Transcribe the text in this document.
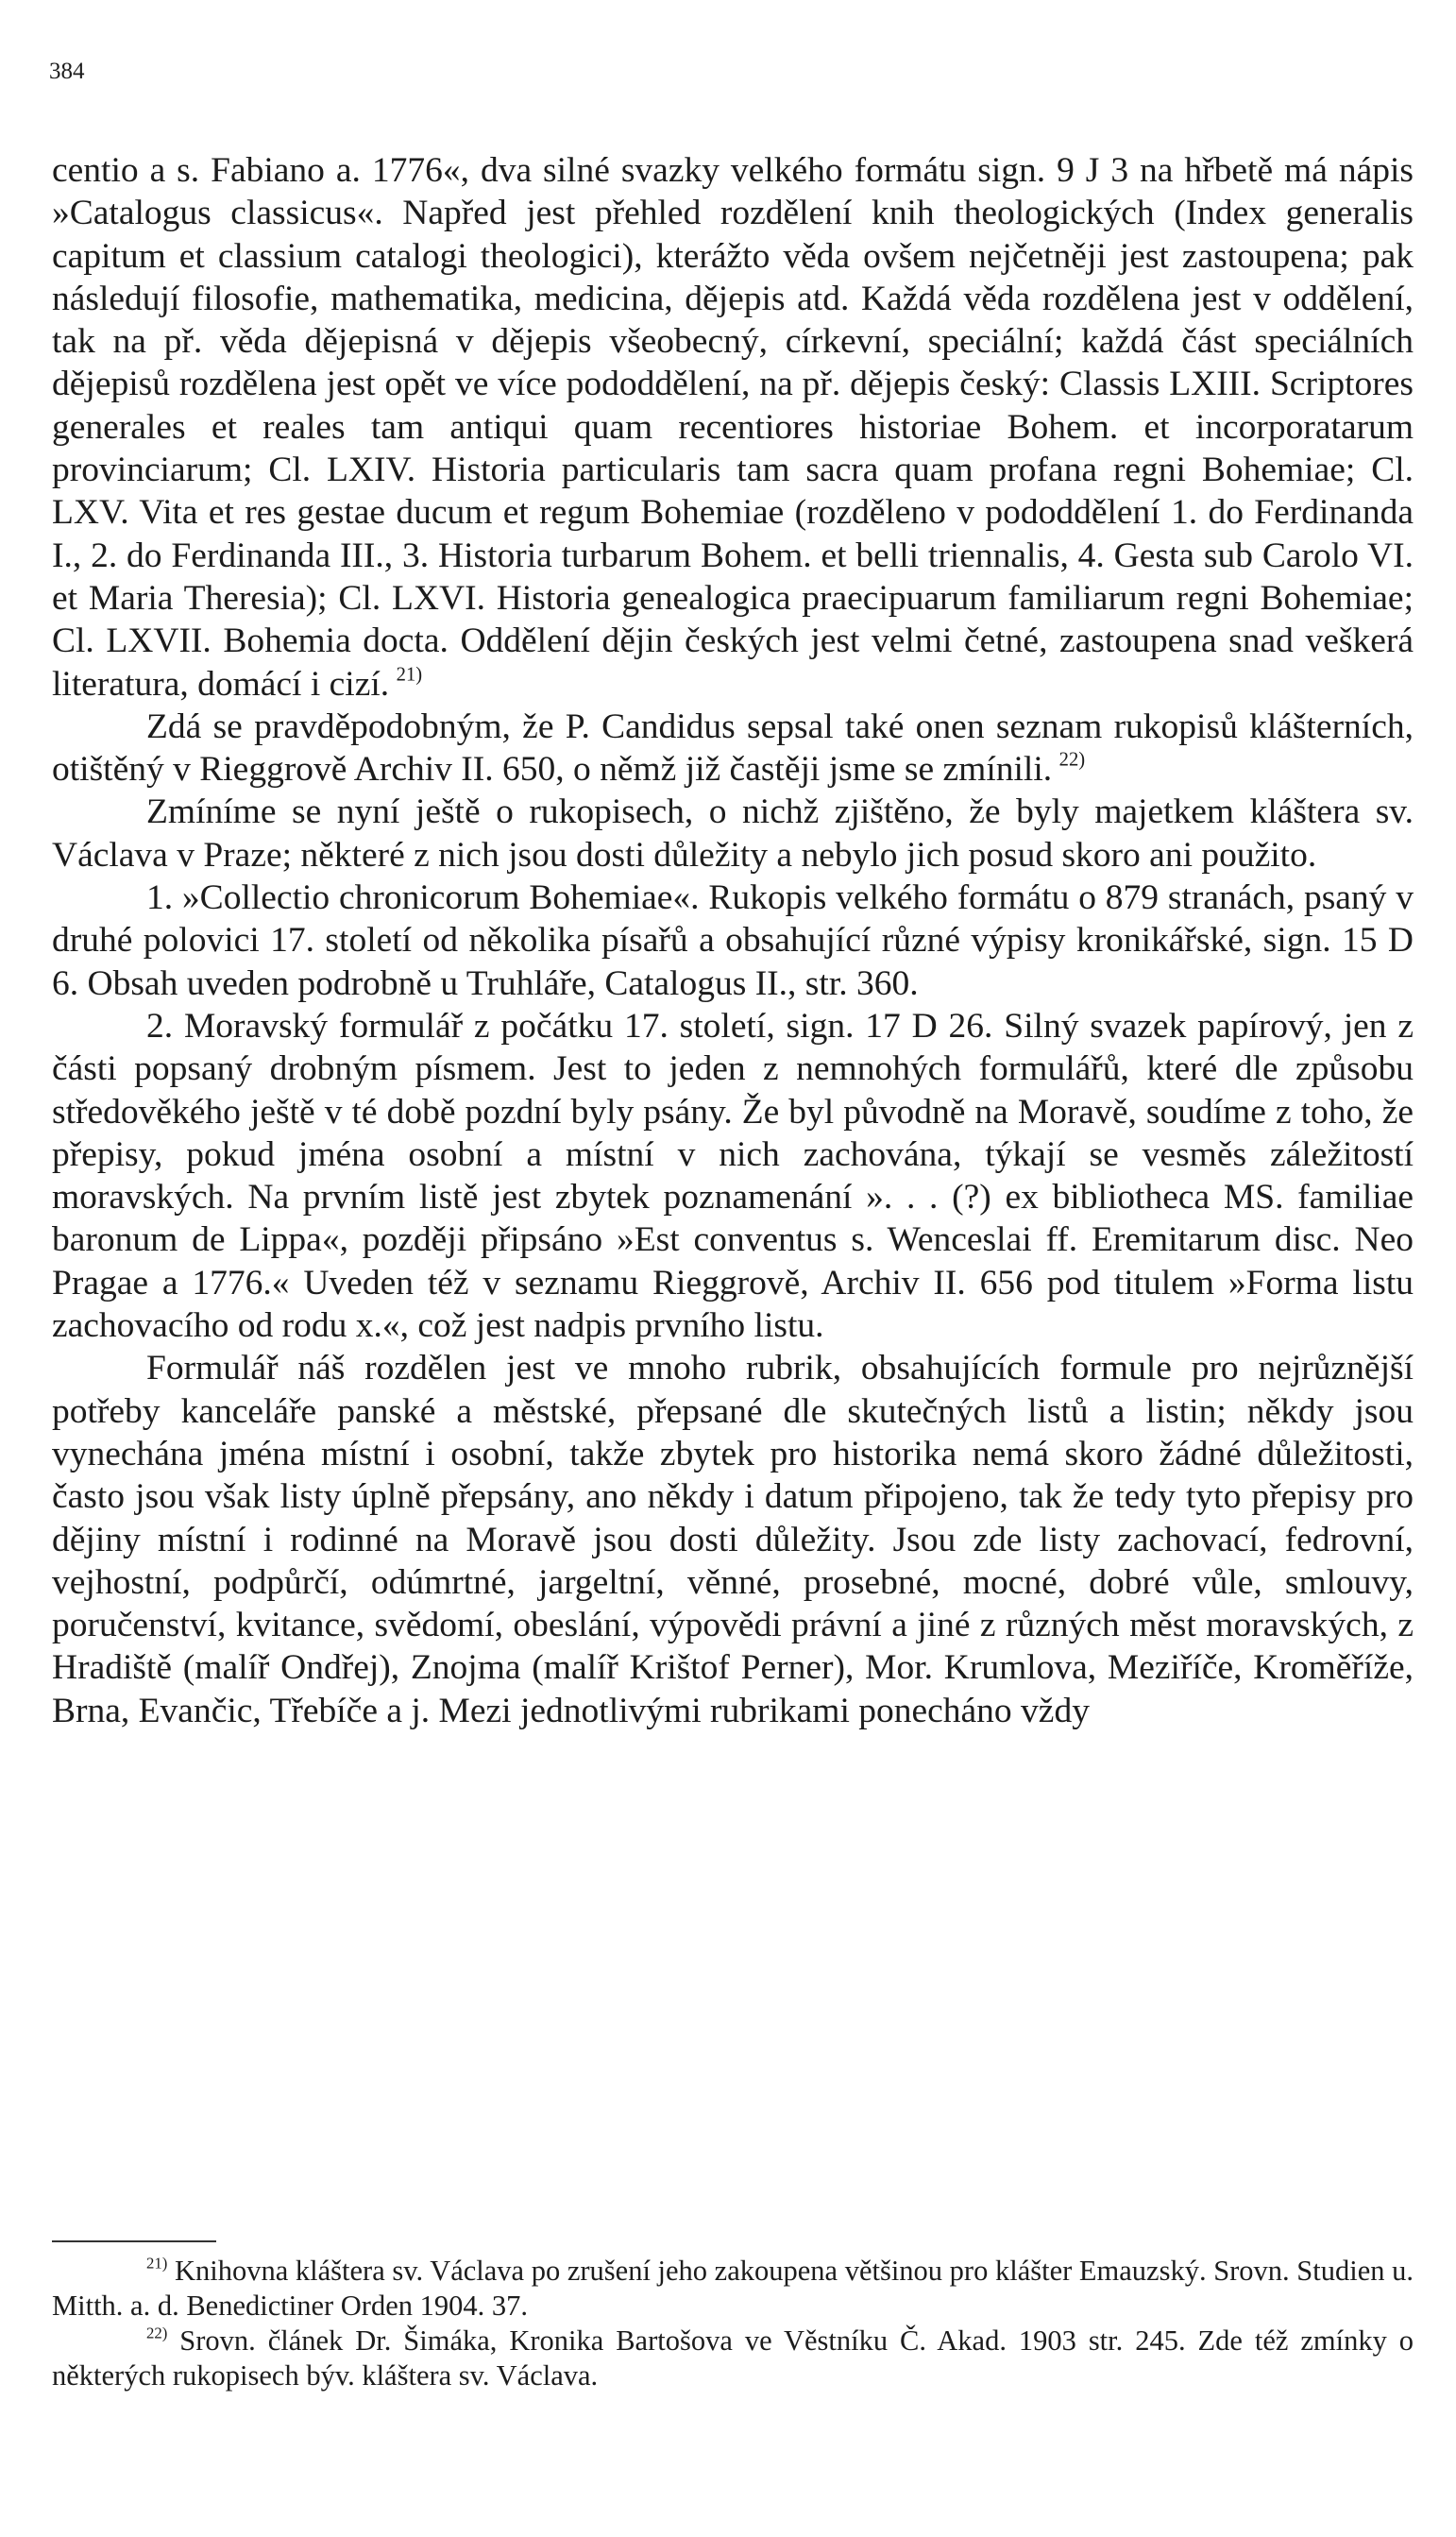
384

centio a s. Fabiano a. 1776«, dva silné svazky velkého formátu sign. 9 J 3 na hřbetě má nápis »Catalogus classicus«. Napřed jest přehled rozdělení knih theologických (Index generalis capitum et classium catalogi theologici), kterážto věda ovšem nejčetněji jest zastoupena; pak následují filosofie, mathematika, medicina, dějepis atd. Každá věda rozdělena jest v oddělení, tak na př. věda dějepisná v dějepis všeobecný, církevní, speciální; každá část speciálních dějepisů rozdělena jest opět ve více pododdělení, na př. dějepis český: Classis LXIII. Scriptores generales et reales tam antiqui quam recentiores historiae Bohem. et incorporatarum provinciarum; Cl. LXIV. Historia particularis tam sacra quam profana regni Bohemiae; Cl. LXV. Vita et res gestae ducum et regum Bohemiae (rozděleno v pododdělení 1. do Ferdinanda I., 2. do Ferdinanda III., 3. Historia turbarum Bohem. et belli triennalis, 4. Gesta sub Carolo VI. et Maria Theresia); Cl. LXVI. Historia genealogica praecipuarum familiarum regni Bohemiae; Cl. LXVII. Bohemia docta. Oddělení dějin českých jest velmi četné, zastoupena snad veškerá literatura, domácí i cizí.  $^{21)}$

Zdá se pravděpodobným, že P. Candidus sepsal také onen seznam rukopisů klášterních, otištěný v Rieggrově Archiv II. 650, o němž již častěji jsme se zmínili.  $^{22)}$

Zmíníme se nyní ještě o rukopisech, o nichž zjištěno, že byly majetkem kláštera sv. Václava v Praze; některé z nich jsou dosti důležity a nebylo jich posud skoro ani použito.

1. »Collectio chronicorum Bohemiae«. Rukopis velkého formátu o 879 stranách, psaný v druhé polovici 17. století od několika písařů a obsahující různé výpisy kronikářské, sign. 15 D 6. Obsah uveden podrobně u Truhláře, Catalogus II., str. 360.

2. Moravský formulář z počátku 17. století, sign. 17 D 26. Silný svazek papírový, jen z části popsaný drobným písmem. Jest to jeden z nemnohých formulářů, které dle způsobu středověkého ještě v té době pozdní byly psány. Že byl původně na Moravě, soudíme z toho, že přepisy, pokud jména osobní a místní v nich zachována, týkají se vesměs záležitostí moravských. Na prvním listě jest zbytek poznamenání ». . . (?) ex bibliotheca MS. familiae baronum de Lippa«, později připsáno »Est conventus s. Wenceslai ff. Eremitarum disc. Neo Pragae a 1776.« Uveden též v seznamu Rieggrově, Archiv II. 656 pod titulem »Forma listu zachovacího od rodu x.«, což jest nadpis prvního listu.

Formulář náš rozdělen jest ve mnoho rubrik, obsahujících formule pro nejrůznější potřeby kanceláře panské a městské, přepsané dle skutečných listů a listin; někdy jsou vynechána jména místní i osobní, takže zbytek pro historika nemá skoro žádné důležitosti, často jsou však listy úplně přepsány, ano někdy i datum připojeno, tak že tedy tyto přepisy pro dějiny místní i rodinné na Moravě jsou dosti důležity. Jsou zde listy zachovací, fedrovní, vejhostní, podpůrčí, odúmrtné, jargeltní, věnné, prosebné, mocné, dobré vůle, smlouvy, poručenství, kvitance, svědomí, obeslání, výpovědi právní a jiné z různých měst moravských, z Hradiště (malíř Ondřej), Znojma (malíř Krištof Perner), Mor. Krumlova, Meziříče, Kroměříže, Brna, Evančic, Třebíče a j. Mezi jednotlivými rubrikami ponecháno vždy

$^{21)}$ Knihovna kláštera sv. Václava po zrušení jeho zakoupena většinou pro klášter Emauzský. Srovn. Studien u. Mitth. a. d. Benedictiner Orden 1904. 37.

$^{22)}$ Srovn. článek Dr. Šimáka, Kronika Bartošova ve Věstníku Č. Akad. 1903 str. 245. Zde též zmínky o některých rukopisech býv. kláštera sv. Václava.
